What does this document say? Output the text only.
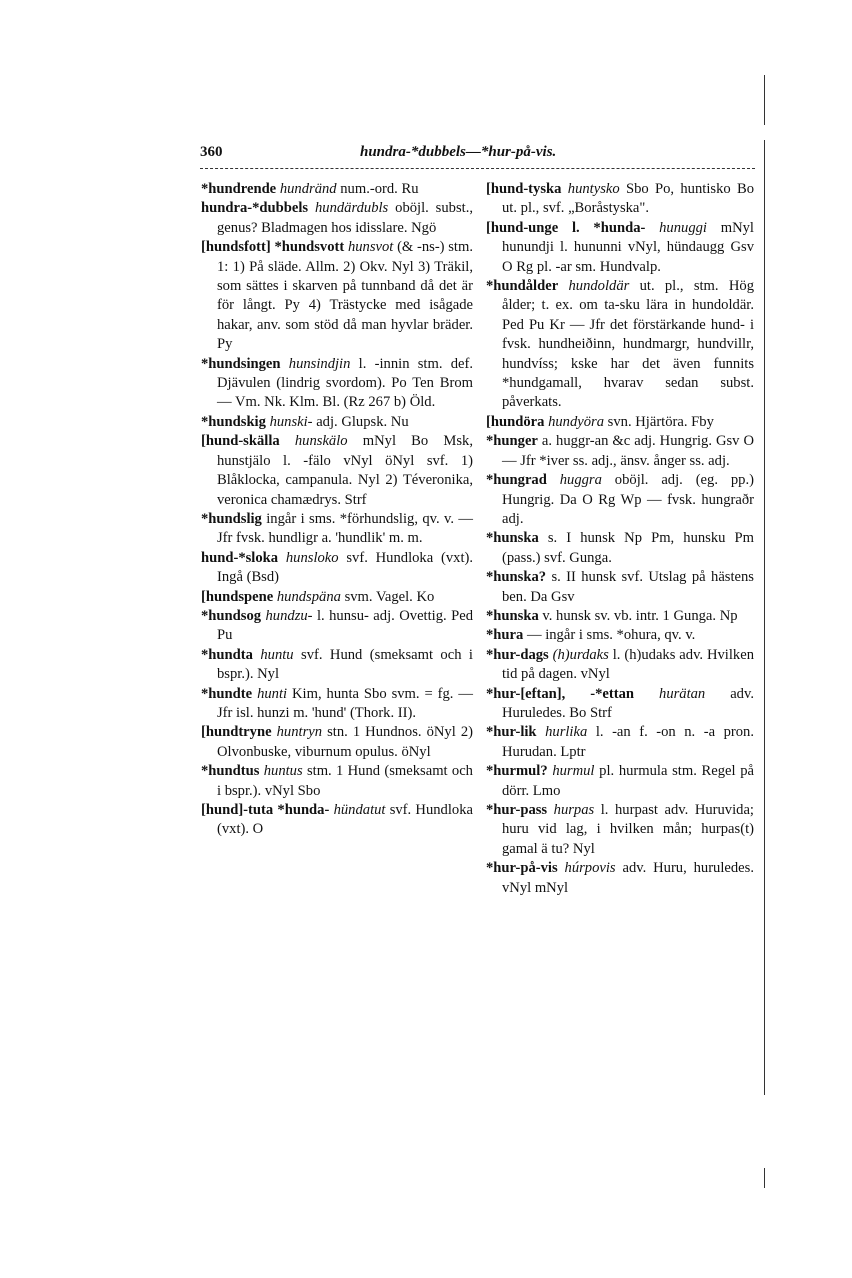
360	hundra-*dubbels—*hur-på-vis.

*hundrende hundränd num.-ord. Ru

hundra-*dubbels hundärdubls oböjl. subst., genus? Bladmagen hos idisslare. Ngö

[hundsfott] *hundsvott hunsvot (& -ns-) stm. 1: 1) På släde. Allm. 2) Okv. Nyl 3) Träkil, som sättes i skarven på tunnband då det är för långt. Py 4) Trästycke med isågade hakar, anv. som stöd då man hyvlar bräder. Py

*hundsingen hunsindjin l. -innin stm. def. Djävulen (lindrig svordom). Po Ten Brom — Vm. Nk. Klm. Bl. (Rz 267 b) Öld.

*hundskig hunski- adj. Glupsk. Nu

[hund-skälla hunskälo mNyl Bo Msk, hunstjälo l. -fälo vNyl öNyl svf. 1) Blåklocka, campanula. Nyl 2) Téveronika, veronica chamædrys. Strf

*hundslig ingår i sms. *förhundslig, qv. v. — Jfr fvsk. hundligr a. 'hundlik' m. m.

hund-*sloka hunsloko svf. Hundloka (vxt). Ingå (Bsd)

[hundspene hundspäna svm. Vagel. Ko

*hundsog hundzu- l. hunsu- adj. Ovettig. Ped Pu

*hundta huntu svf. Hund (smeksamt och i bspr.). Nyl

*hundte hunti Kim, hunta Sbo svm. = fg. — Jfr isl. hunzi m. 'hund' (Thork. II).

[hundtryne huntryn stn. 1 Hundnos. öNyl 2) Olvonbuske, viburnum opulus. öNyl

*hundtus huntus stm. 1 Hund (smeksamt och i bspr.). vNyl Sbo

[hund]-tuta *hunda- hündatut svf. Hundloka (vxt). O

[hund-tyska huntysko Sbo Po, huntisko Bo ut. pl., svf. „Boråstyska".

[hund-unge l. *hunda- hunuggi mNyl hunundji l. hununni vNyl, hündaugg Gsv O Rg pl. -ar sm. Hundvalp.

*hundålder hundoldär ut. pl., stm. Hög ålder; t. ex. om ta-sku lära in hundoldär. Ped Pu Kr — Jfr det förstärkande hund- i fvsk. hundheiðinn, hundmargr, hundvillr, hundvíss; kske har det även funnits *hundgamall, hvarav sedan subst. påverkats.

[hundöra hundyöra svn. Hjärtöra. Fby

*hunger a. huggr-an &c adj. Hungrig. Gsv O — Jfr *iver ss. adj., änsv. ånger ss. adj.

*hungrad huggra oböjl. adj. (eg. pp.) Hungrig. Da O Rg Wp — fvsk. hungraðr adj.

*hunska s. I hunsk Np Pm, hunsku Pm (pass.) svf. Gunga.

*hunska? s. II hunsk svf. Utslag på hästens ben. Da Gsv

*hunska v. hunsk sv. vb. intr. 1 Gunga. Np

*hura — ingår i sms. *ohura, qv. v.

*hur-dags (h)urdaks l. (h)udaks adv. Hvilken tid på dagen. vNyl

*hur-[eftan], -*ettan hurätan adv. Huruledes. Bo Strf

*hur-lik hurlika l. -an f. -on n. -a pron. Hurudan. Lptr

*hurmul? hurmul pl. hurmula stm. Regel på dörr. Lmo

*hur-pass hurpas l. hurpast adv. Huruvida; huru vid lag, i hvilken mån; hurpas(t) gamal ä tu? Nyl

*hur-på-vis húrpovis adv. Huru, huruledes. vNyl mNyl
